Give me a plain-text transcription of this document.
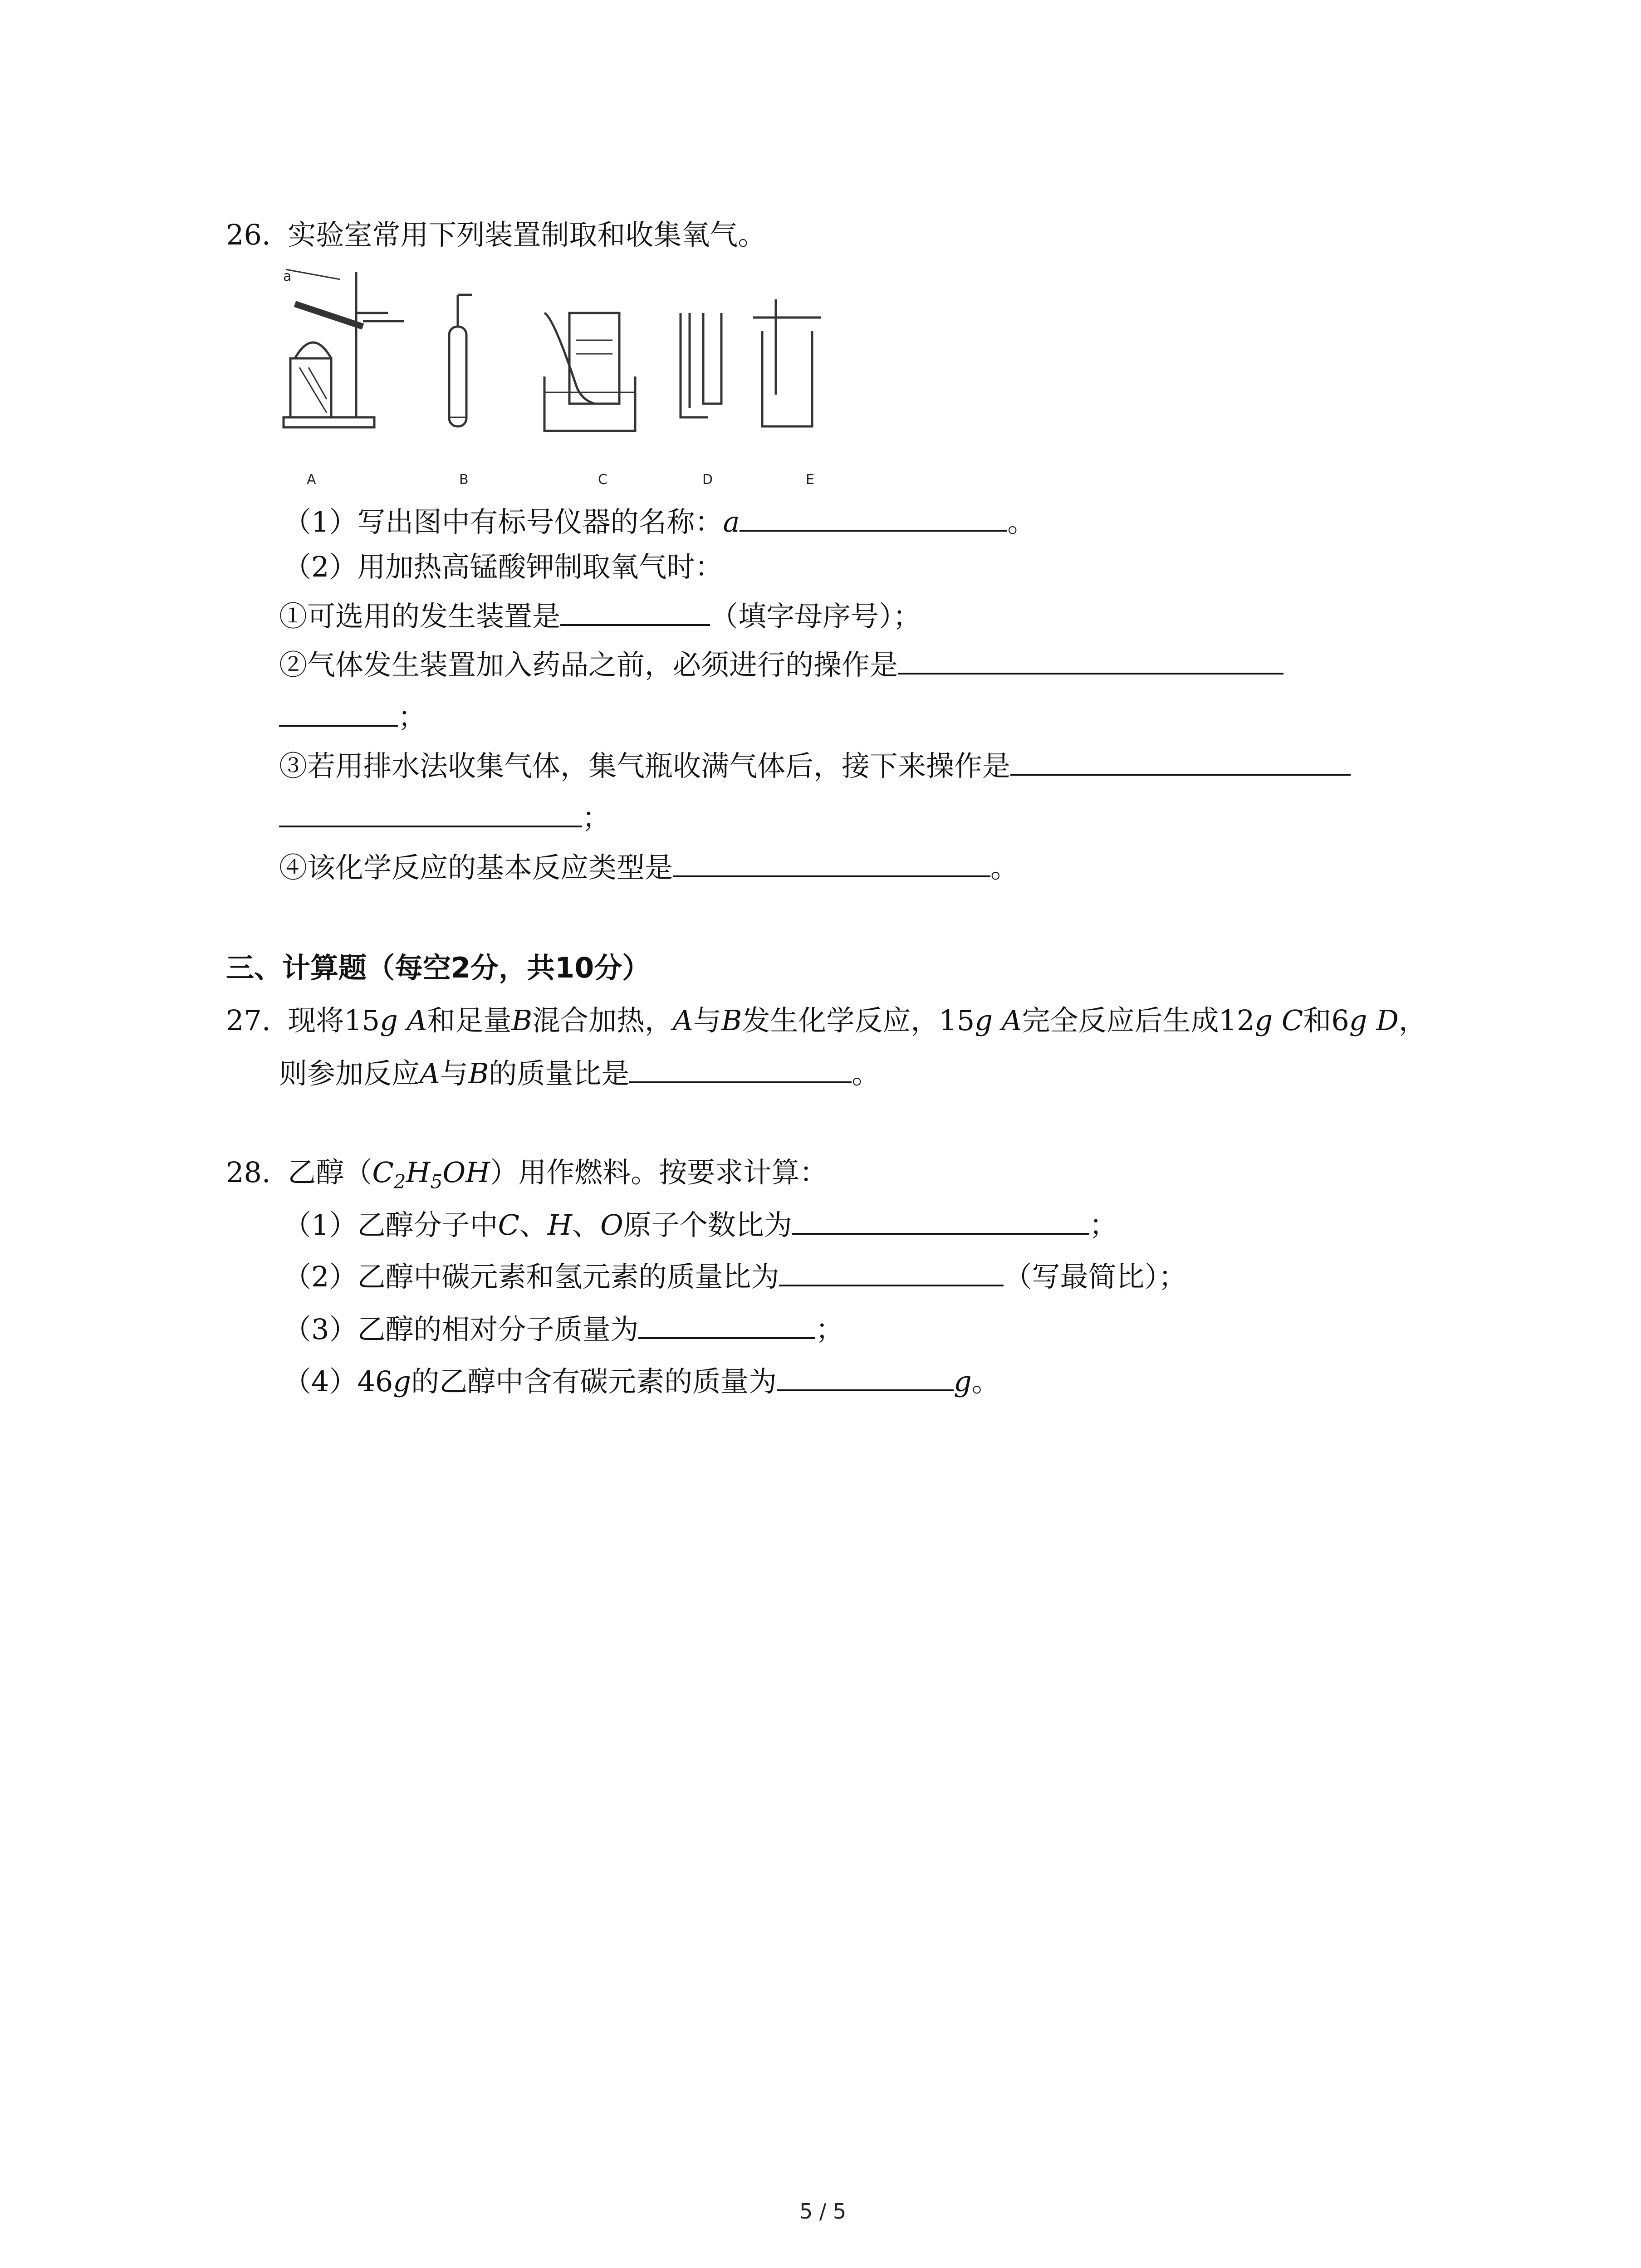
26. 实验室常用下列装置制取和收集氧气。
a
A	B	C	D	E
（1）写出图中有标号仪器的名称：a	。
（2）用加热高锰酸钾制取氧气时：
①可选用的发生装置是	（填字母序号）；
②气体发生装置加入药品之前，必须进行的操作是
；
③若用排水法收集气体，集气瓶收满气体后，接下来操作是
；
④该化学反应的基本反应类型是	。
三、计算题（每空2分，共10分）
27. 现将15g A和足量B混合加热，A与B发生化学反应，15g A完全反应后生成12g C和6g D，
则参加反应A与B的质量比是	。
28. 乙醇$(C_2H_5OH)$用作燃料。按要求计算：
（1）乙醇分子中C、H、O原子个数比为	；
（2）乙醇中碳元素和氢元素的质量比为	（写最简比）；
（3）乙醇的相对分子质量为	；
（4）46g的乙醇中含有碳元素的质量为	g。
5 / 5
